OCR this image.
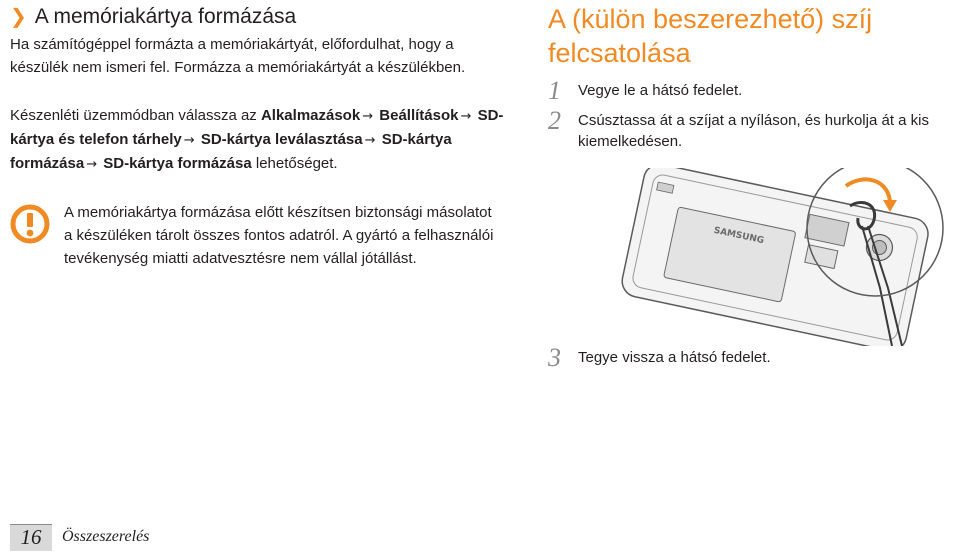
❯ A memóriakártya formázása

Ha számítógéppel formázta a memóriakártyát, előfordulhat, hogy a készülék nem ismeri fel. Formázza a memóriakártyát a készülékben.

Készenléti üzemmódban válassza az Alkalmazások → Beállítások → SD-kártya és telefon tárhely → SD-kártya leválasztása → SD-kártya formázása → SD-kártya formázása lehetőséget.

A memóriakártya formázása előtt készítsen biztonsági másolatot a készüléken tárolt összes fontos adatról. A gyártó a felhasználói tevékenység miatti adatvesztésre nem vállal jótállást.

A (külön beszerezhető) szíj felcsatolása
1 Vegye le a hátsó fedelet.

2 Csúsztassa át a szíjat a nyíláson, és hurkolja át a kis kiemelkedésen.

SAMSUNG
3 Tegye vissza a hátsó fedelet.

16	Összeszerelés
